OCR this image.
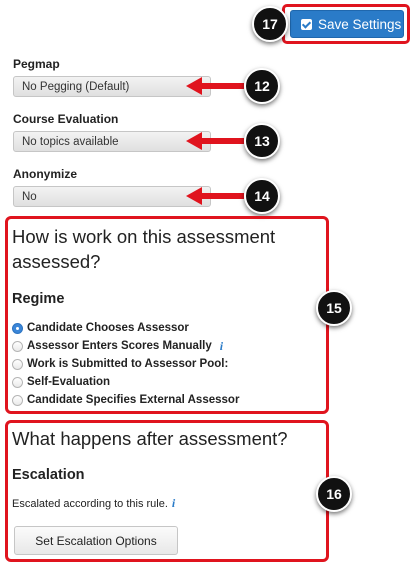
Save Settings
17
Pegmap
No Pegging (Default)	12
Course Evaluation
No topics available	13
Anonymize
No	14
How is work on this assessment assessed?
Regime
15
Candidate Chooses Assessor
Assessor Enters Scores Manually i
Work is Submitted to Assessor Pool:
Self-Evaluation
Candidate Specifies External Assessor
What happens after assessment?
Escalation
Escalated according to this rule. i
16
Set Escalation Options
